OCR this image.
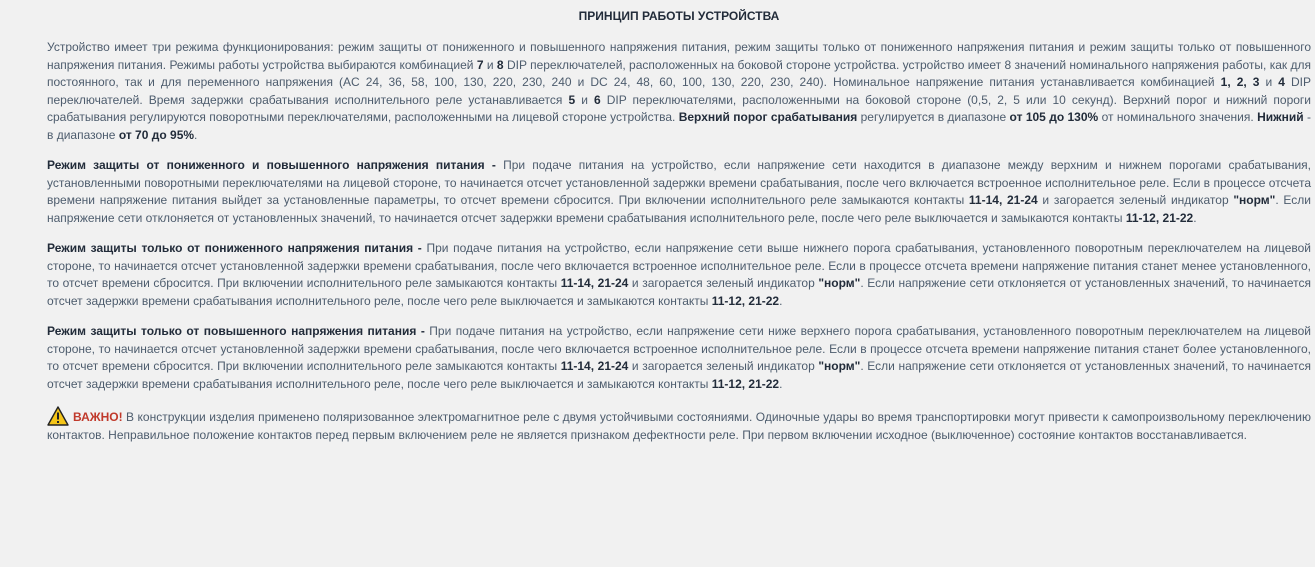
ПРИНЦИП РАБОТЫ УСТРОЙСТВА

Устройство имеет три режима функционирования: режим защиты от пониженного и повышенного напряжения питания, режим защиты только от пониженного напряжения питания и режим защиты только от повышенного напряжения питания. Режимы работы устройства выбираются комбинацией 7 и 8 DIP переключателей, расположенных на боковой стороне устройства. устройство имеет 8 значений номинального напряжения работы, как для постоянного, так и для переменного напряжения (AC 24, 36, 58, 100, 130, 220, 230, 240 и DC 24, 48, 60, 100, 130, 220, 230, 240). Номинальное напряжение питания устанавливается комбинацией 1, 2, 3 и 4 DIP переключателей. Время задержки срабатывания исполнительного реле устанавливается 5 и 6 DIP переключателями, расположенными на боковой стороне (0,5, 2, 5 или 10 секунд). Верхний порог и нижний пороги срабатывания регулируются поворотными переключателями, расположенными на лицевой стороне устройства. Верхний порог срабатывания регулируется в диапазоне от 105 до 130% от номинального значения. Нижний - в диапазоне от 70 до 95%.

Режим защиты от пониженного и повышенного напряжения питания - При подаче питания на устройство, если напряжение сети находится в диапазоне между верхним и нижнем порогами срабатывания, установленными поворотными переключателями на лицевой стороне, то начинается отсчет установленной задержки времени срабатывания, после чего включается встроенное исполнительное реле. Если в процессе отсчета времени напряжение питания выйдет за установленные параметры, то отсчет времени сбросится. При включении исполнительного реле замыкаются контакты 11-14, 21-24 и загорается зеленый индикатор "норм". Если напряжение сети отклоняется от установленных значений, то начинается отсчет задержки времени срабатывания исполнительного реле, после чего реле выключается и замыкаются контакты 11-12, 21-22.

Режим защиты только от пониженного напряжения питания - При подаче питания на устройство, если напряжение сети выше нижнего порога срабатывания, установленного поворотным переключателем на лицевой стороне, то начинается отсчет установленной задержки времени срабатывания, после чего включается встроенное исполнительное реле. Если в процессе отсчета времени напряжение питания станет менее установленного, то отсчет времени сбросится. При включении исполнительного реле замыкаются контакты 11-14, 21-24 и загорается зеленый индикатор "норм". Если напряжение сети отклоняется от установленных значений, то начинается отсчет задержки времени срабатывания исполнительного реле, после чего реле выключается и замыкаются контакты 11-12, 21-22.

Режим защиты только от повышенного напряжения питания - При подаче питания на устройство, если напряжение сети ниже верхнего порога срабатывания, установленного поворотным переключателем на лицевой стороне, то начинается отсчет установленной задержки времени срабатывания, после чего включается встроенное исполнительное реле. Если в процессе отсчета времени напряжение питания станет более установленного, то отсчет времени сбросится. При включении исполнительного реле замыкаются контакты 11-14, 21-24 и загорается зеленый индикатор "норм". Если напряжение сети отклоняется от установленных значений, то начинается отсчет задержки времени срабатывания исполнительного реле, после чего реле выключается и замыкаются контакты 11-12, 21-22.

ВАЖНО! В конструкции изделия применено поляризованное электромагнитное реле с двумя устойчивыми состояниями. Одиночные удары во время транспортировки могут привести к самопроизвольному переключению контактов. Неправильное положение контактов перед первым включением реле не является признаком дефектности реле. При первом включении исходное (выключенное) состояние контактов восстанавливается.
